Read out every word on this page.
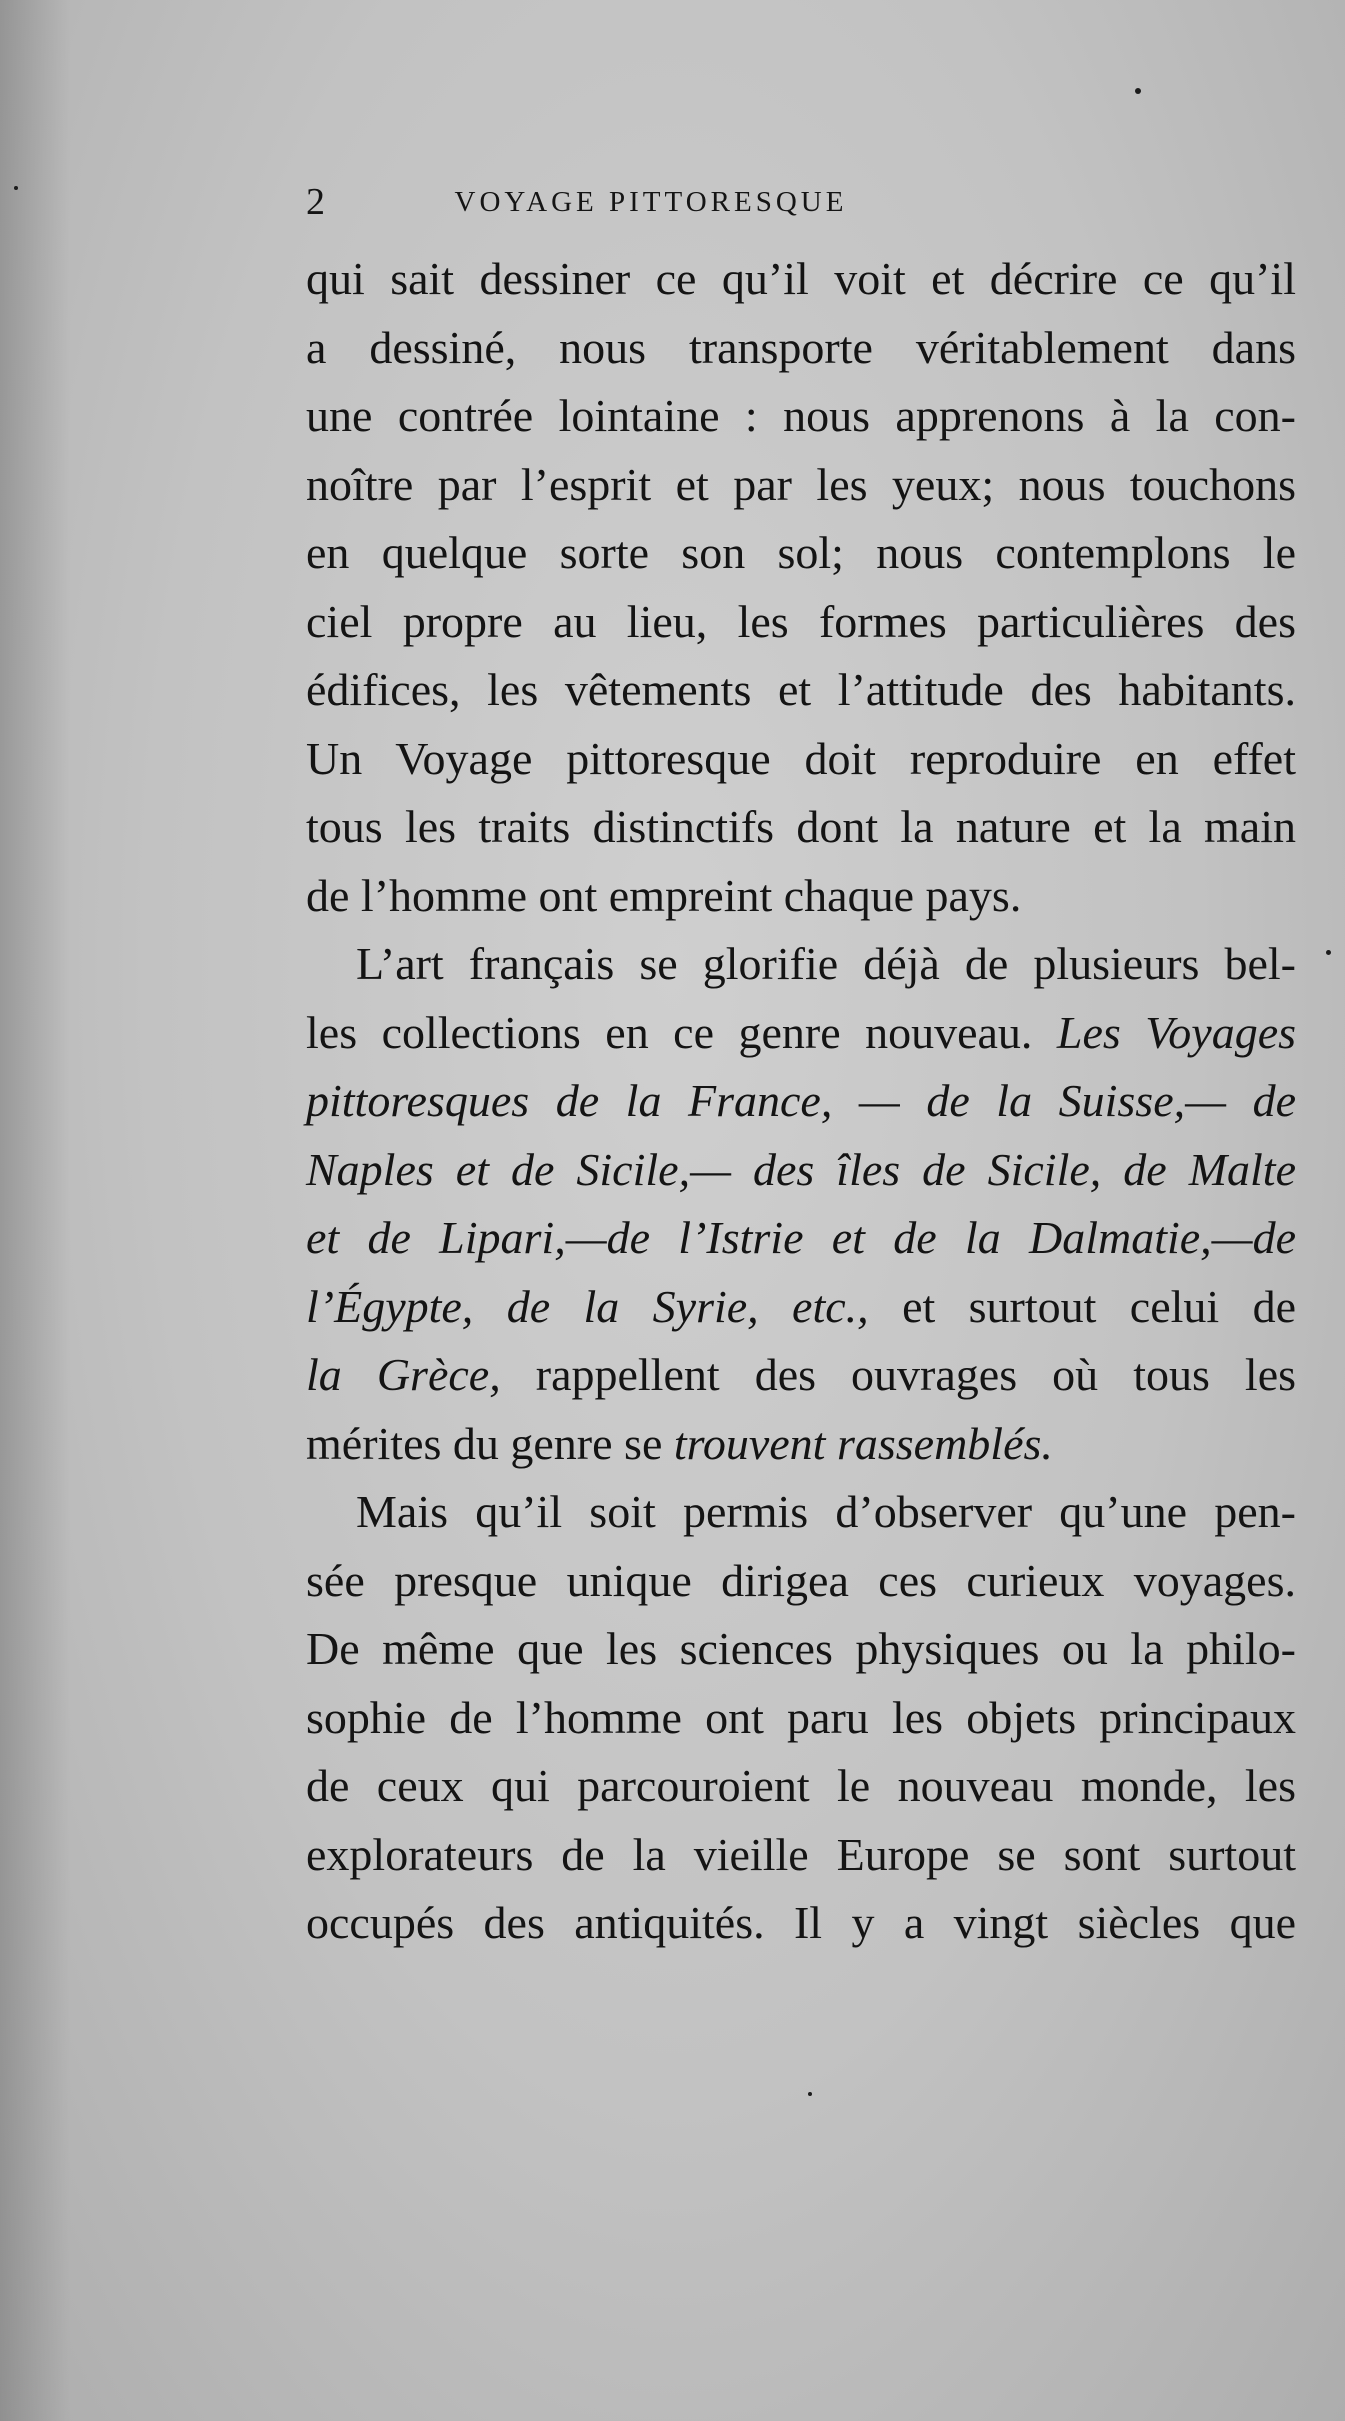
2	VOYAGE PITTORESQUE
qui sait dessiner ce qu’il voit et décrire ce qu’il
a dessiné, nous transporte véritablement dans
une contrée lointaine : nous apprenons à la con-
noître par l’esprit et par les yeux; nous touchons
en quelque sorte son sol; nous contemplons le
ciel propre au lieu, les formes particulières des
édifices, les vêtements et l’attitude des habitants.
Un Voyage pittoresque doit reproduire en effet
tous les traits distinctifs dont la nature et la main
de l’homme ont empreint chaque pays.
L’art français se glorifie déjà de plusieurs bel-
les collections en ce genre nouveau. Les Voyages
pittoresques de la France, — de la Suisse,— de
Naples et de Sicile,— des îles de Sicile, de Malte
et de Lipari,—de l’Istrie et de la Dalmatie,—de
l’Égypte, de la Syrie, etc., et surtout celui de
la Grèce, rappellent des ouvrages où tous les
mérites du genre se trouvent rassemblés.
Mais qu’il soit permis d’observer qu’une pen-
sée presque unique dirigea ces curieux voyages.
De même que les sciences physiques ou la philo-
sophie de l’homme ont paru les objets principaux
de ceux qui parcouroient le nouveau monde, les
explorateurs de la vieille Europe se sont surtout
occupés des antiquités. Il y a vingt siècles que
